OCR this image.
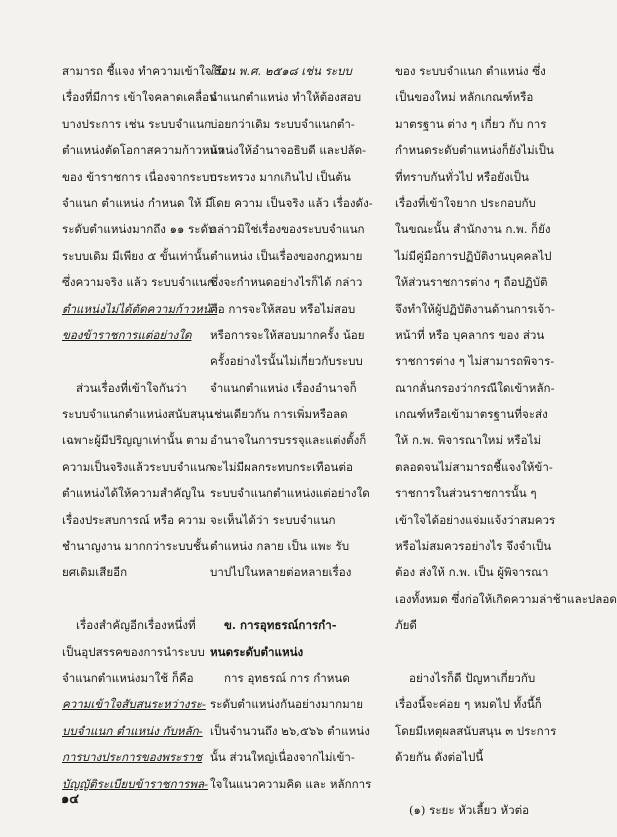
สามารถ ชี้แจง ทำความเข้าใจใน
เรื่องที่มีการ เข้าใจคลาดเคลื่อน
บางประการ เช่น ระบบจำแนก
ตำแหน่งตัดโอกาสความก้าวหน้า
ของ ข้าราชการ เนื่องจากระบบ
จำแนก ตำแหน่ง กำหนด ให้ มี
ระดับตำแหน่งมากถึง ๑๑ ระดับ
ระบบเดิม มีเพียง ๕ ขั้นเท่านั้น
ซึ่งความจริง แล้ว ระบบจำแนก
ตำแหน่งไม่ได้ตัดความก้าวหน้า
ของข้าราชการแต่อย่างใด
ส่วนเรื่องที่เข้าใจกันว่า
ระบบจำแนกตำแหน่งสนับสนุน
เฉพาะผู้มีปริญญาเท่านั้น ตาม
ความเป็นจริงแล้วระบบจำแนก
ตำแหน่งได้ให้ความสำคัญใน
เรื่องประสบการณ์ หรือ ความ
ชำนาญงาน มากกว่าระบบชั้น
ยศเดิมเสียอีก
เรื่องสำคัญอีกเรื่องหนึ่งที่
เป็นอุปสรรคของการนำระบบ
จำแนกตำแหน่งมาใช้ ก็คือ
ความเข้าใจสับสนระหว่างระ-
บบจำแนก ตำแหน่ง กับหลัก-
การบางประการของพระราช
บัญญัติระเบียบข้าราชการพล-
เรือน พ.ศ. ๒๕๑๘ เช่น ระบบ
จำแนกตำแหน่ง ทำให้ต้องสอบ
บ่อยกว่าเดิม ระบบจำแนกตำ-
แหน่งให้อำนาจอธิบดี และปลัด-
กระทรวง มากเกินไป เป็นต้น
โดย ความ เป็นจริง แล้ว เรื่องดัง-
กล่าวมิใช่เรื่องของระบบจำแนก
ตำแหน่ง เป็นเรื่องของกฎหมาย
ซึ่งจะกำหนดอย่างไรก็ได้ กล่าว
คือ การจะให้สอบ หรือไม่สอบ
หรือการจะให้สอบมากครั้ง น้อย
ครั้งอย่างไรนั้นไม่เกี่ยวกับระบบ
จำแนกตำแหน่ง เรื่องอำนาจก็
เช่นเดียวกัน การเพิ่มหรือลด
อำนาจในการบรรจุและแต่งตั้งก็
จะไม่มีผลกระทบกระเทือนต่อ
ระบบจำแนกตำแหน่งแต่อย่างใด
จะเห็นได้ว่า ระบบจำแนก
ตำแหน่ง กลาย เป็น แพะ รับ
บาปไปในหลายต่อหลายเรื่อง
ข. การอุทธรณ์การกำ-
หนดระดับตำแหน่ง
การ อุทธรณ์ การ กำหนด
ระดับตำแหน่งกันอย่างมากมาย
เป็นจำนวนถึง ๒๖,๕๖๖ ตำแหน่ง
นั้น ส่วนใหญ่เนื่องจากไม่เข้า-
ใจในแนวความคิด และ หลักการ
ของ ระบบจำแนก ตำแหน่ง ซึ่ง
เป็นของใหม่ หลักเกณฑ์หรือ
มาตรฐาน ต่าง ๆ เกี่ยว กับ การ
กำหนดระดับตำแหน่งก็ยังไม่เป็น
ที่ทราบกันทั่วไป หรือยังเป็น
เรื่องที่เข้าใจยาก ประกอบกับ
ในขณะนั้น สำนักงาน ก.พ. ก็ยัง
ไม่มีคู่มือการปฏิบัติงานบุคคลไป
ให้ส่วนราชการต่าง ๆ ถือปฏิบัติ
จึงทำให้ผู้ปฏิบัติงานด้านการเจ้า-
หน้าที่ หรือ บุคลากร ของ ส่วน
ราชการต่าง ๆ ไม่สามารถพิจาร-
ณากลั่นกรองว่ากรณีใดเข้าหลัก-
เกณฑ์หรือเข้ามาตรฐานที่จะส่ง
ให้ ก.พ. พิจารณาใหม่ หรือไม่
ตลอดจนไม่สามารถชี้แจงให้ข้า-
ราชการในส่วนราชการนั้น ๆ
เข้าใจได้อย่างแจ่มแจ้งว่าสมควร
หรือไม่สมควรอย่างไร จึงจำเป็น
ต้อง ส่งให้ ก.พ. เป็น ผู้พิจารณา
เองทั้งหมด ซึ่งก่อให้เกิดความล่าช้าและปลอด
ภัยดี
อย่างไรก็ดี ปัญหาเกี่ยวกับ
เรื่องนี้จะค่อย ๆ หมดไป ทั้งนี้ก็
โดยมีเหตุผลสนับสนุน ๓ ประการ
ด้วยกัน ดังต่อไปนี้
(๑) ระยะ หัวเลี้ยว หัวต่อ
๑๔
